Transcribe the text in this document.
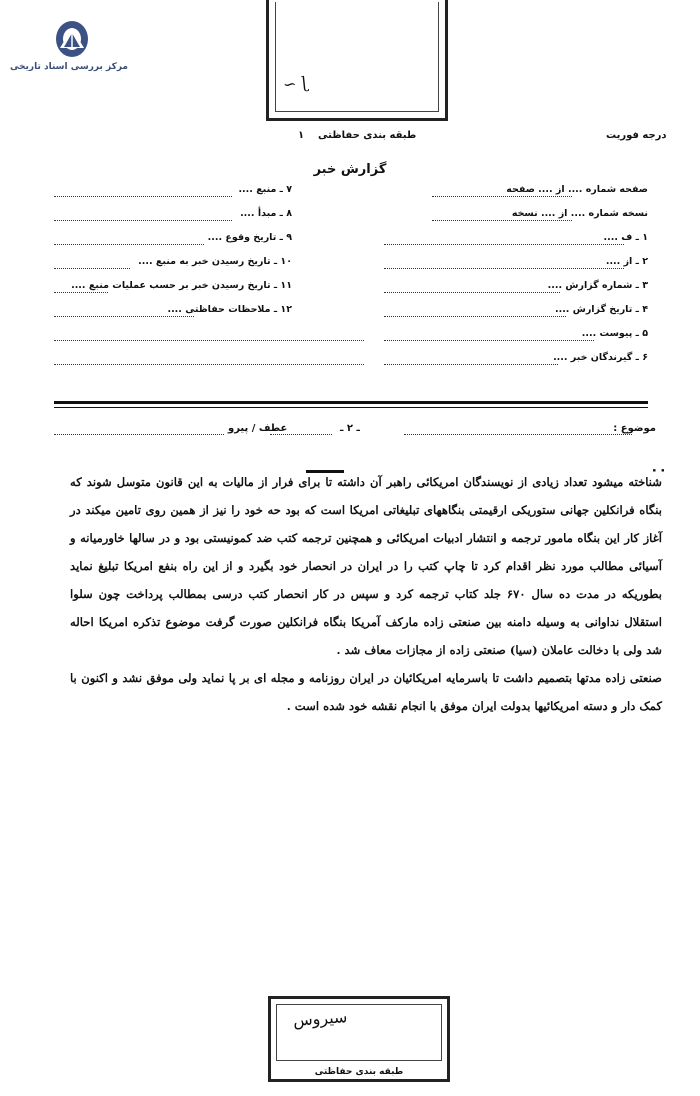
مرکز بررسی اسناد تاریخی
∽ ɭ
درجه فوریت
طبقه بندی حفاظتی
۱
گزارش خبر
صفحه شماره .... از .... صفحه
نسخه شماره .... از .... نسخه
۱ ـ ف ....
۲ ـ از ....
۳ ـ شماره گزارش ....
۴ ـ تاریخ گزارش ....
۵ ـ پیوست ....
۶ ـ گیرندگان خبر ....
۷ ـ منبع ....
۸ ـ مبدأ ....
۹ ـ تاریخ وقوع ....
۱۰ ـ تاریخ رسیدن خبر به منبع ....
۱۱ ـ تاریخ رسیدن خبر بر حسب عملیات منبع ....
۱۲ ـ ملاحظات حفاظتی ....
موضوع :
ـ ۲ ـ
عطف / پیرو
۰۰

شناخته میشود تعداد زیادی از نویسندگان امریکائی راهبر آن داشته تا برای فرار از مالیات به این قانون متوسل شوند که بنگاه فرانکلین جهانی ستوریکی ارقیمتی بنگاههای تبلیغاتی امریکا است که بود حه خود را نیز از همین روی تامین میکند در آغاز کار این بنگاه مامور ترجمه و انتشار ادبیات امریکائی و همچنین ترجمه کتب ضد کمونیستی بود و در سالها خاورمیانه و آسیائی مطالب مورد نظر اقدام کرد تا چاپ کتب را در ایران در انحصار خود بگیرد و از این راه بنفع امریکا تبلیغ نماید بطوریکه در مدت ده سال ۶۷۰ جلد کتاب ترجمه کرد و سپس در کار انحصار کتب درسی بمطالب پرداخت چون سلوا استقلال نداوانی به وسیله دامنه بین صنعتی زاده مارکف آمریکا بنگاه فرانکلین صورت گرفت موضوع تذکره امریکا احاله شد ولی با دخالت عاملان (سیا) صنعتی زاده از مجازات معاف شد .

صنعتی زاده مدتها بتصمیم داشت تا باسرمایه امریکائیان در ایران روزنامه و مجله ای بر پا نماید ولی موفق نشد و اکنون با کمک دار و دسته امریکائیها بدولت ایران موفق با انجام نقشه خود شده است .

سیروس
طبقه بندی حفاظتی
